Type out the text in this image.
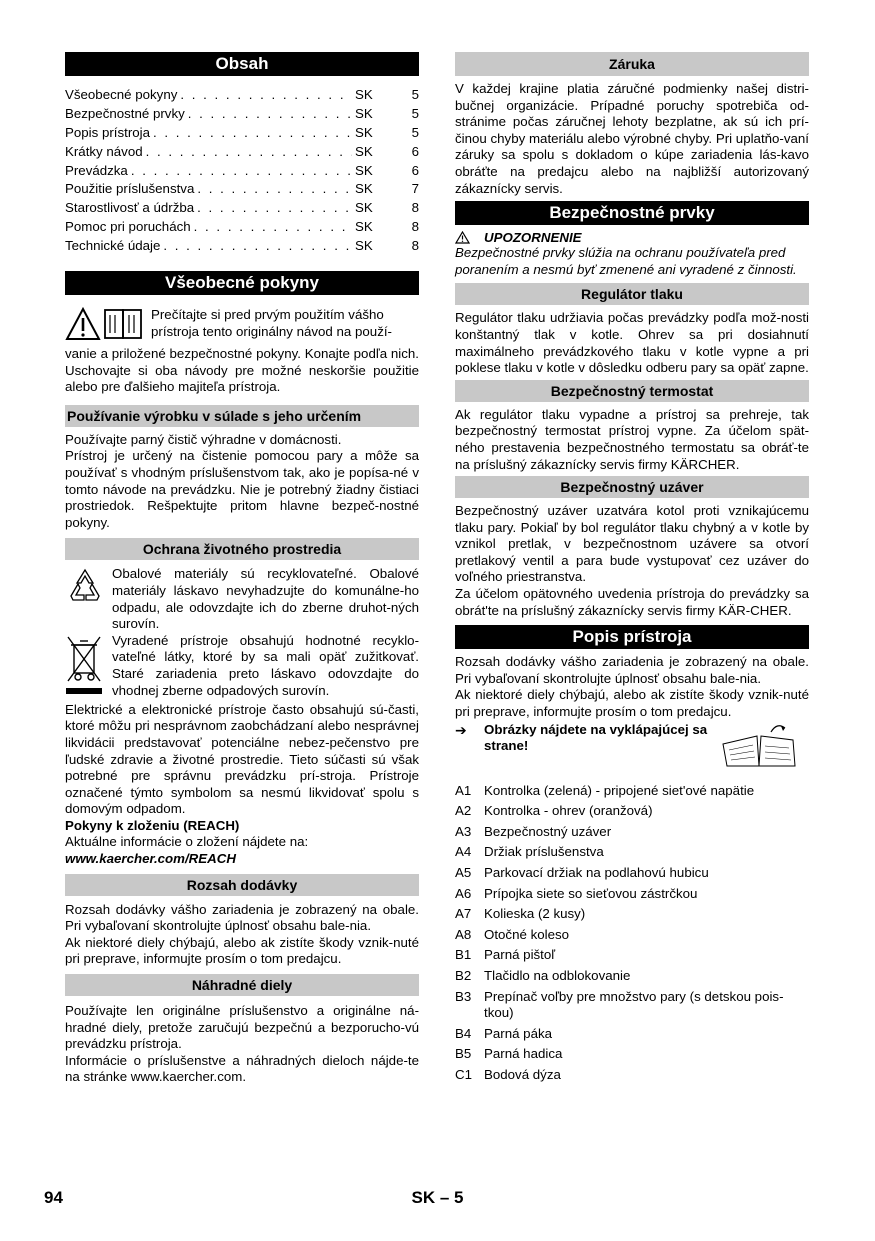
Obsah
Všeobecné pokyny . . .	SK	5
Bezpečnostné prvky . . .	SK	5
Popis prístroja . . .	SK	5
Krátky návod . . .	SK	6
Prevádzka . . .	SK	6
Použitie príslušenstva . . .	SK	7
Starostlivosť a údržba . . .	SK	8
Pomoc pri poruchách . . .	SK	8
Technické údaje . . .	SK	8
Všeobecné pokyny

Prečítajte si pred prvým použitím vášho

prístroja tento originálny návod na použí-

vanie a priložené bezpečnostné pokyny. Konajte podľa nich. Uschovajte si oba návody pre možné neskoršie použitie alebo pre ďalšieho majiteľa prístroja.

Používanie výrobku v súlade s jeho určením

Používajte parný čistič výhradne v domácnosti.

Prístroj je určený na čistenie pomocou pary a môže sa používať s vhodným príslušenstvom tak, ako je popísa-né v tomto návode na prevádzku. Nie je potrebný žiadny čistiaci prostriedok. Rešpektujte pritom hlavne bezpeč-nostné pokyny.

Ochrana životného prostredia

Obalové materiály sú recyklovateľné. Obalové materiály láskavo nevyhadzujte do komunálne-ho odpadu, ale odovzdajte ich do zberne druhot-ných surovín.

Vyradené prístroje obsahujú hodnotné recyklo-vateľné látky, ktoré by sa mali opäť zužitkovať. Staré zariadenia preto láskavo odovzdajte do vhodnej zberne odpadových surovín.

Elektrické a elektronické prístroje často obsahujú sú-časti, ktoré môžu pri nesprávnom zaobchádzaní alebo nesprávnej likvidácii predstavovať potenciálne nebez-pečenstvo pre ľudské zdravie a životné prostredie. Tieto súčasti sú však potrebné pre správnu prevádzku prí-stroja. Prístroje označené týmto symbolom sa nesmú likvidovať spolu s domovým odpadom.

Pokyny k zloženiu (REACH)

Aktuálne informácie o zložení nájdete na:

www.kaercher.com/REACH

Rozsah dodávky

Rozsah dodávky vášho zariadenia je zobrazený na obale. Pri vybaľovaní skontrolujte úplnosť obsahu bale-nia.

Ak niektoré diely chýbajú, alebo ak zistíte škody vznik-nuté pri preprave, informujte prosím o tom predajcu.

Náhradné diely

Používajte len originálne príslušenstvo a originálne ná-hradné diely, pretože zaručujú bezpečnú a bezporucho-vú prevádzku prístroja.

Informácie o príslušenstve a náhradných dieloch nájde-te na stránke www.kaercher.com.

Záruka

V každej krajine platia záručné podmienky našej distri-bučnej organizácie. Prípadné poruchy spotrebiča od-stránime počas záručnej lehoty bezplatne, ak sú ich prí-činou chyby materiálu alebo výrobné chyby. Pri uplatňo-vaní záruky sa spolu s dokladom o kúpe zariadenia lás-kavo obráťte na predajcu alebo na najbližší autorizovaný zákaznícky servis.

Bezpečnostné prvky
UPOZORNENIE

Bezpečnostné prvky slúžia na ochranu používateľa pred poranením a nesmú byť zmenené ani vyradené z činnosti.

Regulátor tlaku

Regulátor tlaku udržiavia počas prevádzky podľa mož-nosti konštantný tlak v kotle. Ohrev sa pri dosiahnutí maximálneho prevádzkového tlaku v kotle vypne a pri poklese tlaku v kotle v dôsledku odberu pary sa opäť zapne.

Bezpečnostný termostat

Ak regulátor tlaku vypadne a prístroj sa prehreje, tak bezpečnostný termostat prístroj vypne. Za účelom spät-ného prestavenia bezpečnostného termostatu sa obráť-te na príslušný zákaznícky servis firmy KÄRCHER.

Bezpečnostný uzáver

Bezpečnostný uzáver uzatvára kotol proti vznikajúcemu tlaku pary. Pokiaľ by bol regulátor tlaku chybný a v kotle by vznikol pretlak, v bezpečnostnom uzávere sa otvorí pretlakový ventil a para bude vystupovať cez uzáver do voľného priestranstva.

Za účelom opätovného uvedenia prístroja do prevádzky sa obrát'te na príslušný zákaznícky servis firmy KÄR-CHER.

Popis prístroja

Rozsah dodávky vášho zariadenia je zobrazený na obale. Pri vybaľovaní skontrolujte úplnosť obsahu bale-nia.

Ak niektoré diely chýbajú, alebo ak zistíte škody vznik-nuté pri preprave, informujte prosím o tom predajcu.

➔	Obrázky nájdete na vyklápajúcej sa strane!

A1 Kontrolka (zelená) - pripojené siet'ové napätie
A2 Kontrolka - ohrev (oranžová)
A3 Bezpečnostný uzáver
A4 Držiak príslušenstva
A5 Parkovací držiak na podlahovú hubicu
A6 Prípojka siete so sieťovou zástrčkou
A7 Kolieska (2 kusy)
A8 Otočné koleso
B1 Parná pištoľ
B2 Tlačidlo na odblokovanie
B3 Prepínač voľby pre množstvo pary (s detskou pois-tkou)
B4 Parná páka
B5 Parná hadica
C1 Bodová dýza
94	SK – 5
